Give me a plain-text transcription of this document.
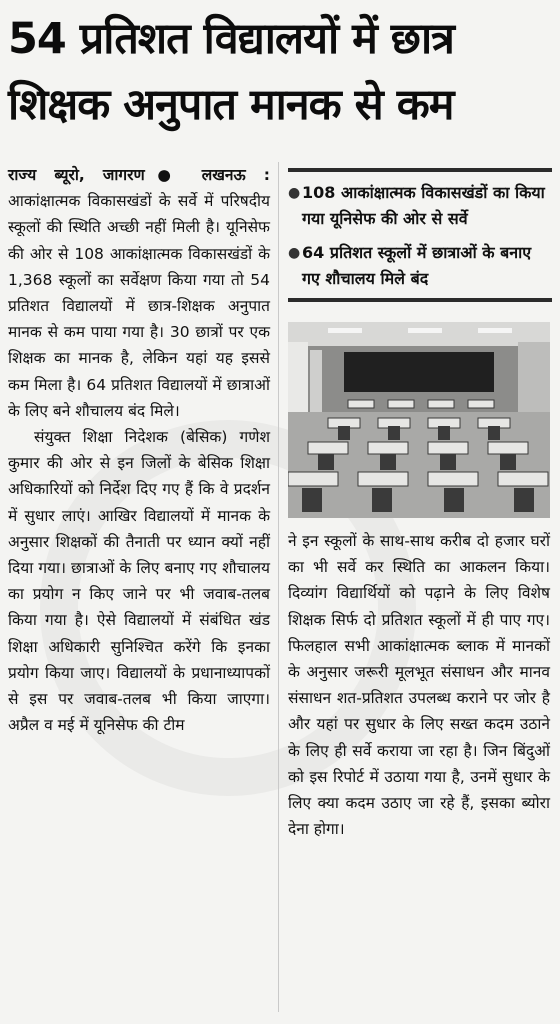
54 प्रतिशत विद्यालयों में छात्र
शिक्षक अनुपात मानक से कम

राज्य ब्यूरो, जागरण● लखनऊ : आकांक्षात्मक विकासखंडों के सर्वे में परिषदीय स्कूलों की स्थिति अच्छी नहीं मिली है। यूनिसेफ की ओर से 108 आकांक्षात्मक विकासखंडों के 1,368 स्कूलों का सर्वेक्षण किया गया तो 54 प्रतिशत विद्यालयों में छात्र-शिक्षक अनुपात मानक से कम पाया गया है। 30 छात्रों पर एक शिक्षक का मानक है, लेकिन यहां यह इससे कम मिला है। 64 प्रतिशत विद्यालयों में छात्राओं के लिए बने शौचालय बंद मिले।

संयुक्त शिक्षा निदेशक (बेसिक) गणेश कुमार की ओर से इन जिलों के बेसिक शिक्षा अधिकारियों को निर्देश दिए गए हैं कि वे प्रदर्शन में सुधार लाएं। आखिर विद्यालयों में मानक के अनुसार शिक्षकों की तैनाती पर ध्यान क्यों नहीं दिया गया। छात्राओं के लिए बनाए गए शौचालय का प्रयोग न किए जाने पर भी जवाब-तलब किया गया है। ऐसे विद्यालयों में संबंधित खंड शिक्षा अधिकारी सुनिश्चित करेंगे कि इनका प्रयोग किया जाए। विद्यालयों के प्रधानाध्यापकों से इस पर जवाब-तलब भी किया जाएगा। अप्रैल व मई में यूनिसेफ की टीम

● 108 आकांक्षात्मक विकासखंडों का किया गया यूनिसेफ की ओर से सर्वे
● 64 प्रतिशत स्कूलों में छात्राओं के बनाए गए शौचालय मिले बंद

ने इन स्कूलों के साथ-साथ करीब दो हजार घरों का भी सर्वे कर स्थिति का आकलन किया। दिव्यांग विद्यार्थियों को पढ़ाने के लिए विशेष शिक्षक सिर्फ दो प्रतिशत स्कूलों में ही पाए गए। फिलहाल सभी आकांक्षात्मक ब्लाक में मानकों के अनुसार जरूरी मूलभूत संसाधन और मानव संसाधन शत-प्रतिशत उपलब्ध कराने पर जोर है और यहां पर सुधार के लिए सख्त कदम उठाने के लिए ही सर्वे कराया जा रहा है। जिन बिंदुओं को इस रिपोर्ट में उठाया गया है, उनमें सुधार के लिए क्या कदम उठाए जा रहे हैं, इसका ब्योरा देना होगा।
